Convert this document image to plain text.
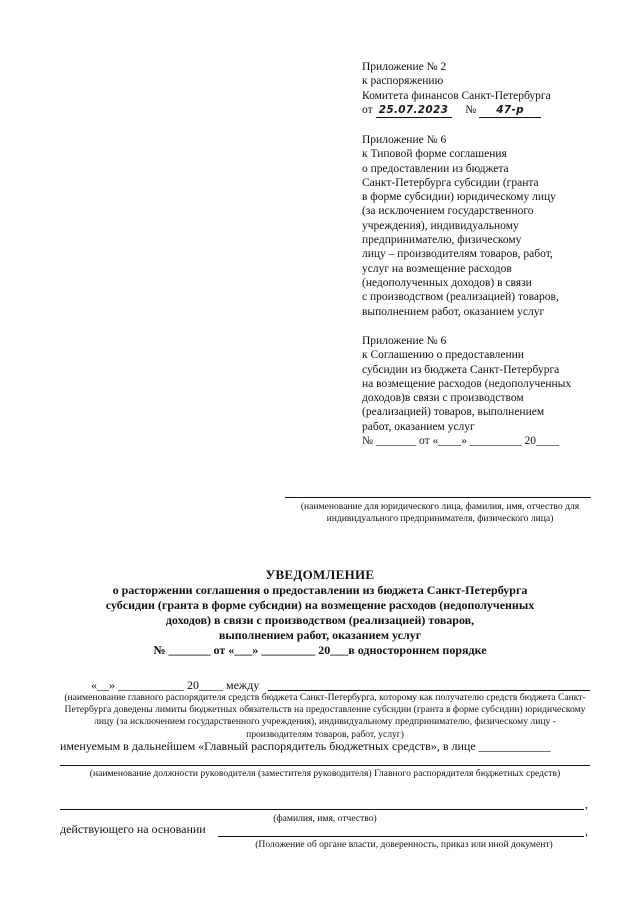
Приложение № 2

к распоряжению

Комитета финансов Санкт-Петербурга

от 25.07.2023 № 47-р

Приложение № 6

к Типовой форме соглашения

о предоставлении из бюджета

Санкт-Петербурга субсидии (гранта

в форме субсидии) юридическому лицу

(за исключением государственного

учреждения), индивидуальному

предпринимателю, физическому

лицу – производителям товаров, работ,

услуг на возмещение расходов

(недополученных доходов) в связи

с производством (реализацией) товаров,

выполнением работ, оказанием услуг

Приложение № 6

к Соглашению о предоставлении

субсидии из бюджета Санкт-Петербурга

на возмещение расходов (недополученных

доходов)в связи с производством

(реализацией) товаров, выполнением

работ, оказанием услуг

№ _______ от «____» _________ 20____

(наименование для юридического лица, фамилия, имя, отчество для индивидуального предпринимателя, физического лица)

УВЕДОМЛЕНИЕ

о расторжении соглашения о предоставлении из бюджета Санкт-Петербурга

субсидии (гранта в форме субсидии) на возмещение расходов (недополученных

доходов) в связи с производством (реализацией) товаров,

выполнением работ, оказанием услуг

№ _______ от «___» _________ 20___в одностороннем порядке

«__» ___________ 20____ между
(наименование главного распорядителя средств бюджета Санкт-Петербурга, которому как получателю средств бюджета Санкт-Петербурга доведены лимиты бюджетных обязательств на предоставление субсидии (гранта в форме субсидии) юридическому лицу (за исключением государственного учреждения), индивидуальному предпринимателю, физическому лицу - производителям товаров, работ, услуг)
именуемым в дальнейшем «Главный распорядитель бюджетных средств», в лице ____________
(наименование должности руководителя (заместителя руководителя) Главного распорядителя бюджетных средств)
,
(фамилия, имя, отчество)
действующего на основании	,
(Положение об органе власти, доверенность, приказ или иной документ)
